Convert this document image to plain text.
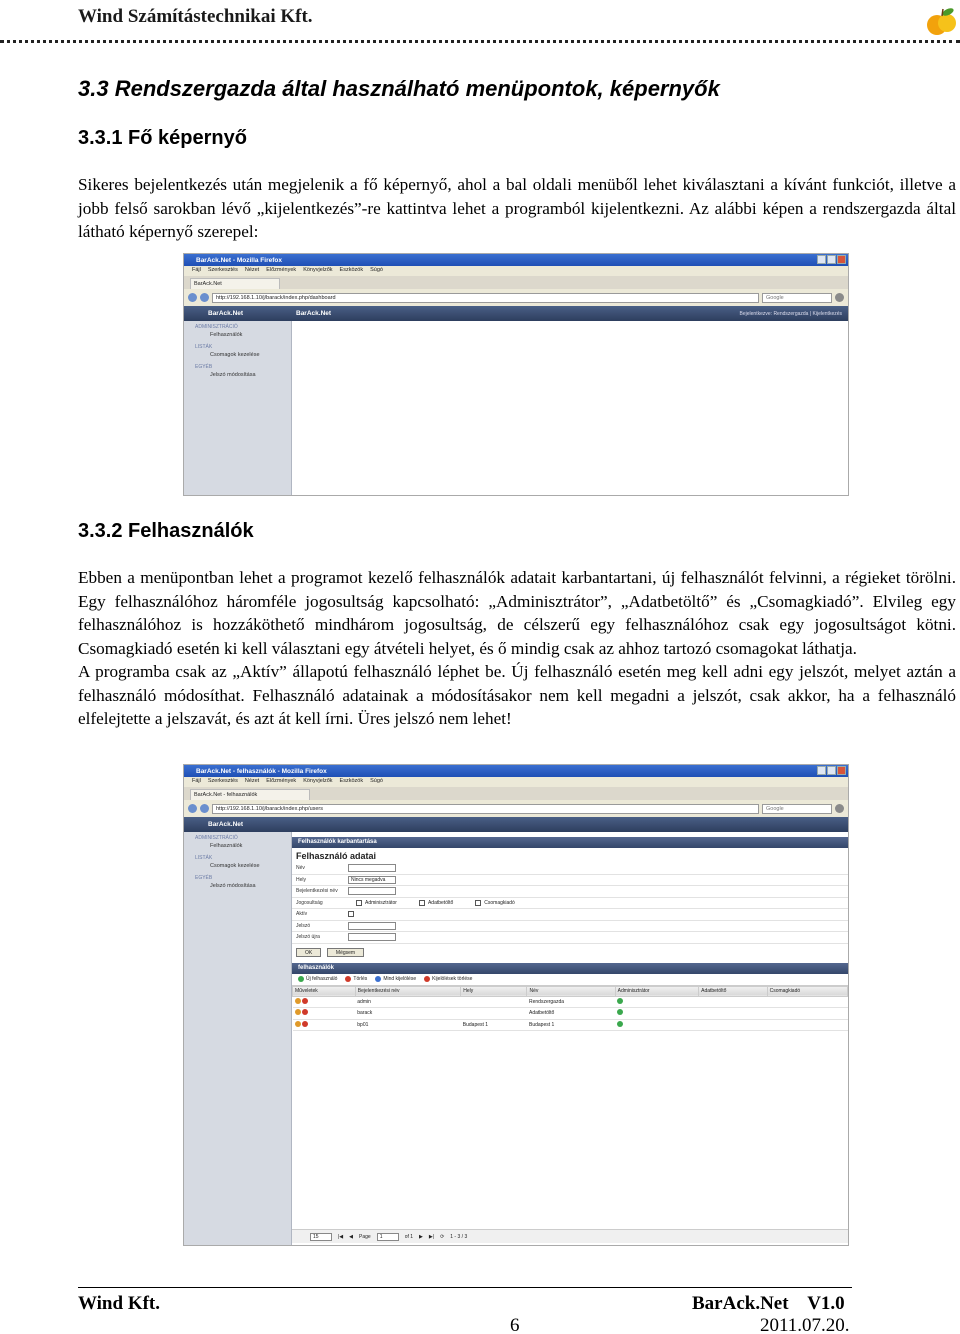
Wind Számítástechnikai Kft.
3.3 Rendszergazda által használható menüpontok, képernyők
3.3.1 Fő képernyő

Sikeres bejelentkezés után megjelenik a fő képernyő, ahol a bal oldali menüből lehet kiválasztani a kívánt funkciót, illetve a jobb felső sarokban lévő „kijelentkezés”-re kattintva lehet a programból kijelentkezni. Az alábbi képen a rendszergazda által látható képernyő szerepel:

BarAck.Net - Mozilla Firefox
Fájl Szerkesztés Nézet Előzmények Könyvjelzők Eszközök Súgó
BarAck.Net
http://192.168.1.10/j/barack/index.php/dashboard	Google
BarAck.Net	BarAck.Net	Bejelentkezve: Rendszergazda | Kijelentkezés
ADMINISZTRÁCIÓ
Felhasználók
LISTÁK
Csomagok kezelése
EGYÉB
Jelszó módosítása
3.3.2 Felhasználók

Ebben a menüpontban lehet a programot kezelő felhasználók adatait karbantartani, új felhasználót felvinni, a régieket törölni. Egy felhasználóhoz háromféle jogosultság kapcsolható: „Adminisztrátor”, „Adatbetöltő” és „Csomagkiadó”. Elvileg egy felhasználóhoz is hozzáköthető mindhárom jogosultság, de célszerű egy felhasználóhoz csak egy jogosultságot kötni. Csomagkiadó esetén ki kell választani egy átvételi helyet, és ő mindig csak az ahhoz tartozó csomagokat láthatja.

A programba csak az „Aktív” állapotú felhasználó léphet be. Új felhasználó esetén meg kell adni egy jelszót, melyet aztán a felhasználó módosíthat. Felhasználó adatainak a módosításakor nem kell megadni a jelszót, csak akkor, ha a felhasználó elfelejtette a jelszavát, és azt át kell írni. Üres jelszó nem lehet!

BarAck.Net - felhasználók - Mozilla Firefox
Fájl Szerkesztés Nézet Előzmények Könyvjelzők Eszközök Súgó
BarAck.Net - felhasználók
http://192.168.1.10/j/barack/index.php/users	Google
BarAck.Net
ADMINISZTRÁCIÓ
Felhasználók
LISTÁK
Csomagok kezelése
EGYÉB
Jelszó módosítása
Felhasználók karbantartása
Felhasználó adatai
Név
Hely	Nincs megadva
Bejelentkezési név
Jogosultság	Adminisztrátor	Adatbetöltő	Csomagkiadó
Aktív
Jelszó
Jelszó újra
OK	Mégsem
felhasználók
Új felhasználó	Törlés	Mind kijelölése	Kijelölések törlése
Műveletek	Bejelentkezési név	Hely	Név	Adminisztrátor	Adatbetöltő	Csomagkiadó
	admin		Rendszergazda			
	barack		Adatbetöltő			
	bp01	Budapest 1	Budapest 1			
15	|◀ ◀ Page	1	of 1 ▶ ▶| ⟳ 1 - 3 / 3
Wind Kft.	BarAck.Net    V1.0
6	2011.07.20.
